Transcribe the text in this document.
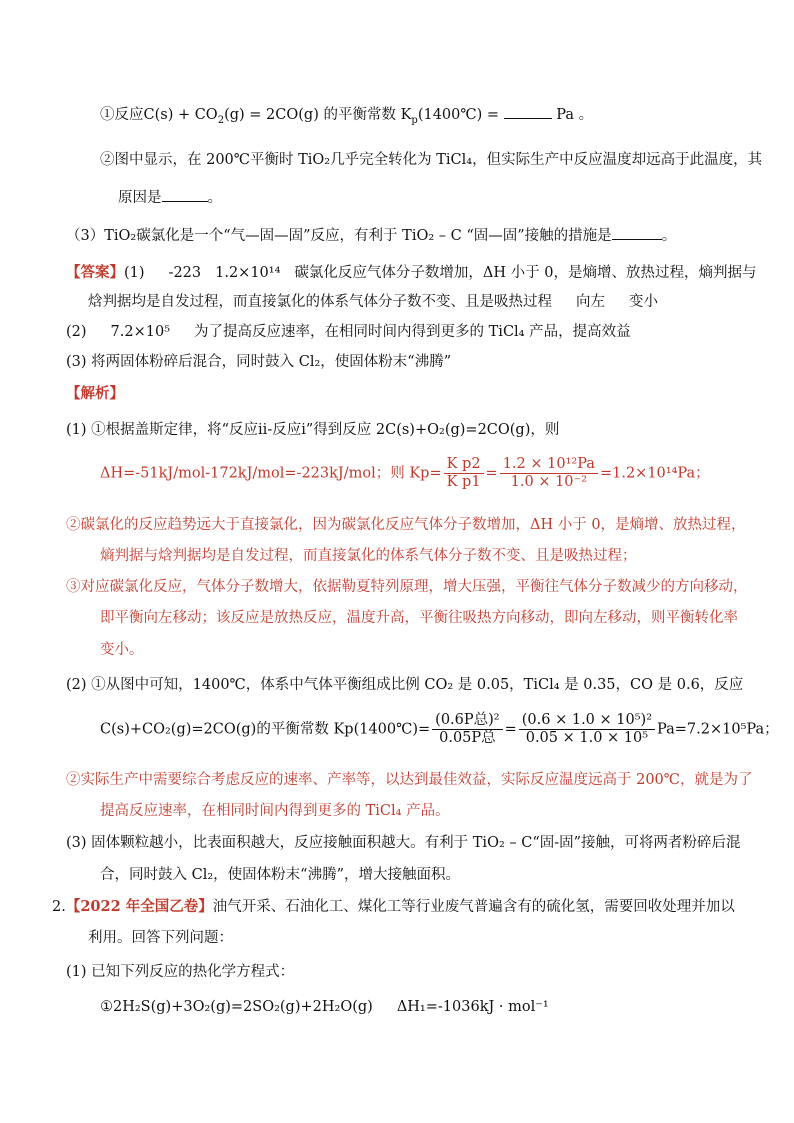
①反应$C(s) + CO_2(g) = 2CO(g)$ 的平衡常数 $K_p(1400℃)$ =	Pa 。
②图中显示，在 200℃平衡时 TiO₂几乎完全转化为 TiCl₄，但实际生产中反应温度却远高于此温度，其
原因是	。
（3）TiO₂碳氯化是一个“气—固—固”反应，有利于 TiO₂ – C “固—固”接触的措施是	。
【答案】(1) -223 1.2×10¹⁴ 碳氯化反应气体分子数增加，ΔH 小于 0，是熵增、放热过程，熵判据与
焓判据均是自发过程，而直接氯化的体系气体分子数不变、且是吸热过程 向左 变小
(2) 7.2×10⁵ 为了提高反应速率，在相同时间内得到更多的 TiCl₄ 产品，提高效益
(3) 将两固体粉碎后混合，同时鼓入 Cl₂，使固体粉末“沸腾”
【解析】
(1) ①根据盖斯定律，将“反应ⅱ-反应ⅰ”得到反应 2C(s)+O₂(g)=2CO(g)，则
ΔH=-51kJ/mol-172kJ/mol=-223kJ/mol；则 $Kp= \frac{\text{K p2}}{\text{K p1}} = \frac{\text{1.2 × 10¹²Pa}}{\text{1.0 × 10⁻²}} =1.2\times 10^{14}Pa$；
②碳氯化的反应趋势远大于直接氯化，因为碳氯化反应气体分子数增加，ΔH 小于 0，是熵增、放热过程，
熵判据与焓判据均是自发过程，而直接氯化的体系气体分子数不变、且是吸热过程；
③对应碳氯化反应，气体分子数增大，依据勒夏特列原理，增大压强，平衡往气体分子数减少的方向移动，
即平衡向左移动；该反应是放热反应，温度升高，平衡往吸热方向移动，即向左移动，则平衡转化率
变小。
(2) ①从图中可知，1400℃，体系中气体平衡组成比例 CO₂ 是 0.05，TiCl₄ 是 0.35，CO 是 0.6，反应
C(s)+CO₂(g)=2CO(g)的平衡常数 Kp(1400℃)= $\frac{\text{(0.6P总)²}}{\text{0.05P总}} = \frac{\text{(0.6 × 1.0 × 10⁵)²}}{\text{0.05 × 1.0 × 10⁵}} Pa=7.2\times 10^5Pa$；
②实际生产中需要综合考虑反应的速率、产率等，以达到最佳效益，实际反应温度远高于 200℃，就是为了
提高反应速率，在相同时间内得到更多的 TiCl₄ 产品。
(3) 固体颗粒越小，比表面积越大，反应接触面积越大。有利于 TiO₂ – C“固-固”接触，可将两者粉碎后混
合，同时鼓入 Cl₂，使固体粉末“沸腾”，增大接触面积。
2.【2022 年全国乙卷】油气开采、石油化工、煤化工等行业废气普遍含有的硫化氢，需要回收处理并加以
利用。回答下列问题：
(1) 已知下列反应的热化学方程式：
①2H₂S(g)+3O₂(g)=2SO₂(g)+2H₂O(g) ΔH₁=-1036kJ · mol⁻¹
